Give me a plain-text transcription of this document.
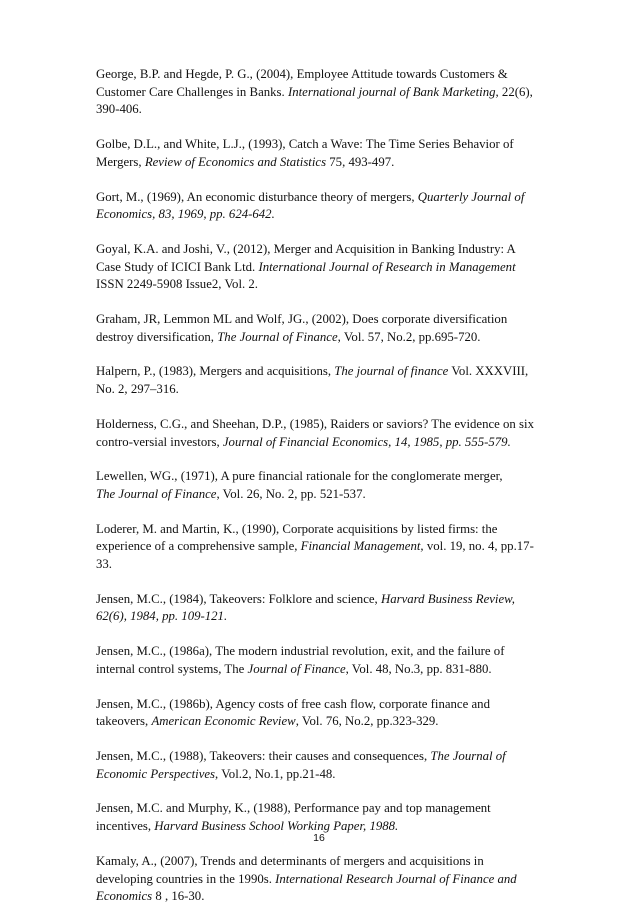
George, B.P. and Hegde, P. G., (2004), Employee Attitude towards Customers &
Customer Care Challenges in Banks. International journal of Bank Marketing, 22(6),
390-406.

Golbe, D.L., and White, L.J., (1993), Catch a Wave: The Time Series Behavior of
Mergers, Review of Economics and Statistics 75, 493-497.

Gort, M., (1969), An economic disturbance theory of mergers, Quarterly Journal of
Economics, 83, 1969, pp. 624-642.

Goyal, K.A. and Joshi, V., (2012), Merger and Acquisition in Banking Industry: A
Case Study of ICICI Bank Ltd. International Journal of Research in Management
ISSN 2249-5908 Issue2, Vol. 2.

Graham, JR, Lemmon ML and Wolf, JG., (2002), Does corporate diversification
destroy diversification, The Journal of Finance, Vol. 57, No.2, pp.695-720.

Halpern, P., (1983), Mergers and acquisitions, The journal of finance Vol. XXXVIII,
No. 2, 297–316.

Holderness, C.G., and Sheehan, D.P., (1985), Raiders or saviors? The evidence on six
contro-versial investors, Journal of Financial Economics, 14, 1985, pp. 555-579.

Lewellen, WG., (1971), A pure financial rationale for the conglomerate merger,
The Journal of Finance, Vol. 26, No. 2, pp. 521-537.

Loderer, M. and Martin, K., (1990), Corporate acquisitions by listed firms: the
experience of a comprehensive sample, Financial Management, vol. 19, no. 4, pp.17-
33.

Jensen, M.C., (1984), Takeovers: Folklore and science, Harvard Business Review,
62(6), 1984, pp. 109-121.

Jensen, M.C., (1986a), The modern industrial revolution, exit, and the failure of
internal control systems, The Journal of Finance, Vol. 48, No.3, pp. 831-880.

Jensen, M.C., (1986b), Agency costs of free cash flow, corporate finance and
takeovers, American Economic Review, Vol. 76, No.2, pp.323-329.

Jensen, M.C., (1988), Takeovers: their causes and consequences, The Journal of
Economic Perspectives, Vol.2, No.1, pp.21-48.

Jensen, M.C. and Murphy, K., (1988), Performance pay and top management
incentives, Harvard Business School Working Paper, 1988.

Kamaly, A., (2007), Trends and determinants of mergers and acquisitions in
developing countries in the 1990s. International Research Journal of Finance and
Economics 8 , 16-30.

16
